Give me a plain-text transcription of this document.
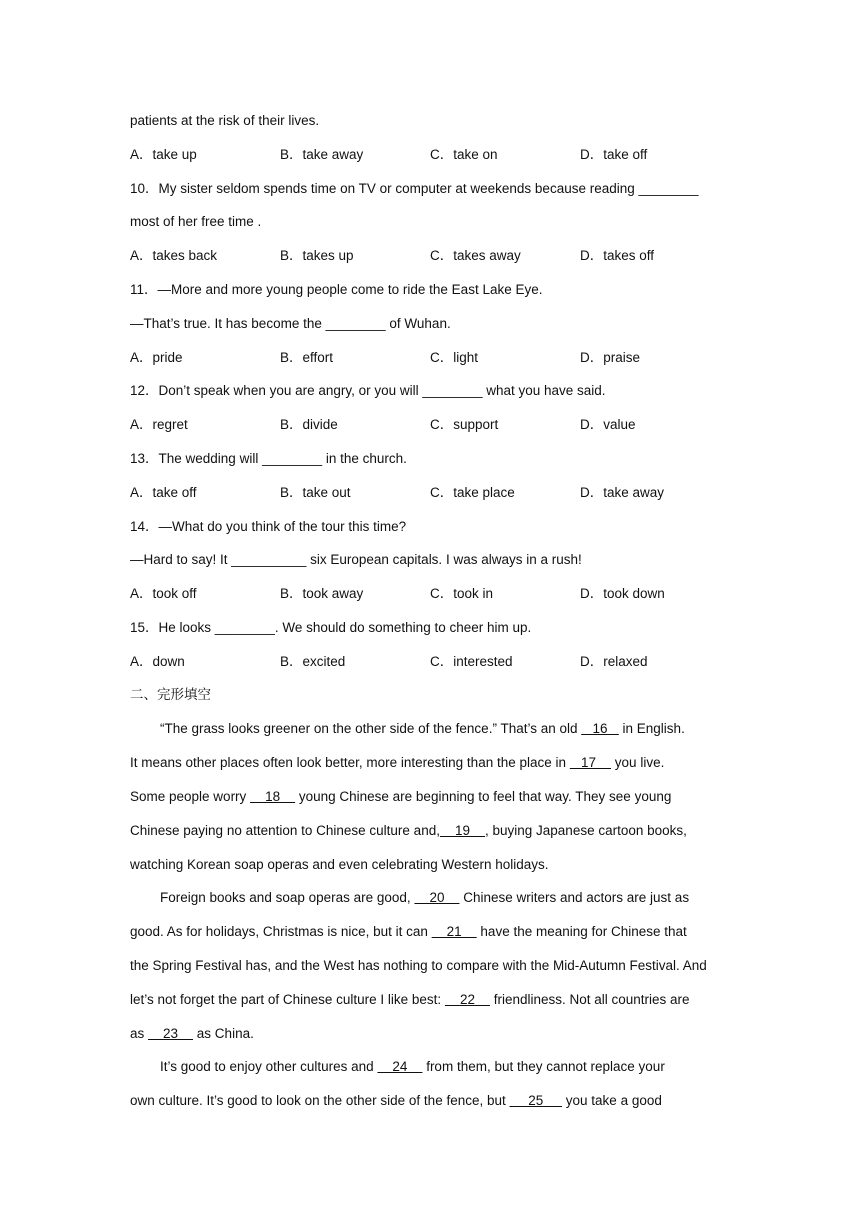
patients at the risk of their lives.
A．take up	B．take away	C．take on	D．take off
10．My sister seldom spends time on TV or computer at weekends because reading ________
most of her free time .
A．takes back	B．takes up	C．takes away	D．takes off
11．—More and more young people come to ride the East Lake Eye.
—That’s true. It has become the ________ of Wuhan.
A．pride	B．effort	C．light	D．praise
12．Don’t speak when you are angry, or you will ________ what you have said.
A．regret	B．divide	C．support	D．value
13．The wedding will ________ in the church.
A．take off	B．take out	C．take place	D．take away
14．—What do you think of the tour this time?
—Hard to say! It __________ six European capitals. I was always in a rush!
A．took off	B．took away	C．took in	D．took down
15．He looks ________. We should do something to cheer him up.
A．down	B．excited	C．interested	D．relaxed
二、完形填空
“The grass looks greener on the other side of the fence.” That’s an old    16    in English.
It means other places often look better, more interesting than the place in    17     you live.
Some people worry     18     young Chinese are beginning to feel that way. They see young
Chinese paying no attention to Chinese culture and,    19    , buying Japanese cartoon books,
watching Korean soap operas and even celebrating Western holidays.
Foreign books and soap operas are good,     20     Chinese writers and actors are just as
good. As for holidays, Christmas is nice, but it can     21     have the meaning for Chinese that
the Spring Festival has, and the West has nothing to compare with the Mid-Autumn Festival. And
let’s not forget the part of Chinese culture I like best:     22     friendliness. Not all countries are
as     23     as China.
It’s good to enjoy other cultures and     24     from them, but they cannot replace your
own culture. It’s good to look on the other side of the fence, but      25      you take a good
